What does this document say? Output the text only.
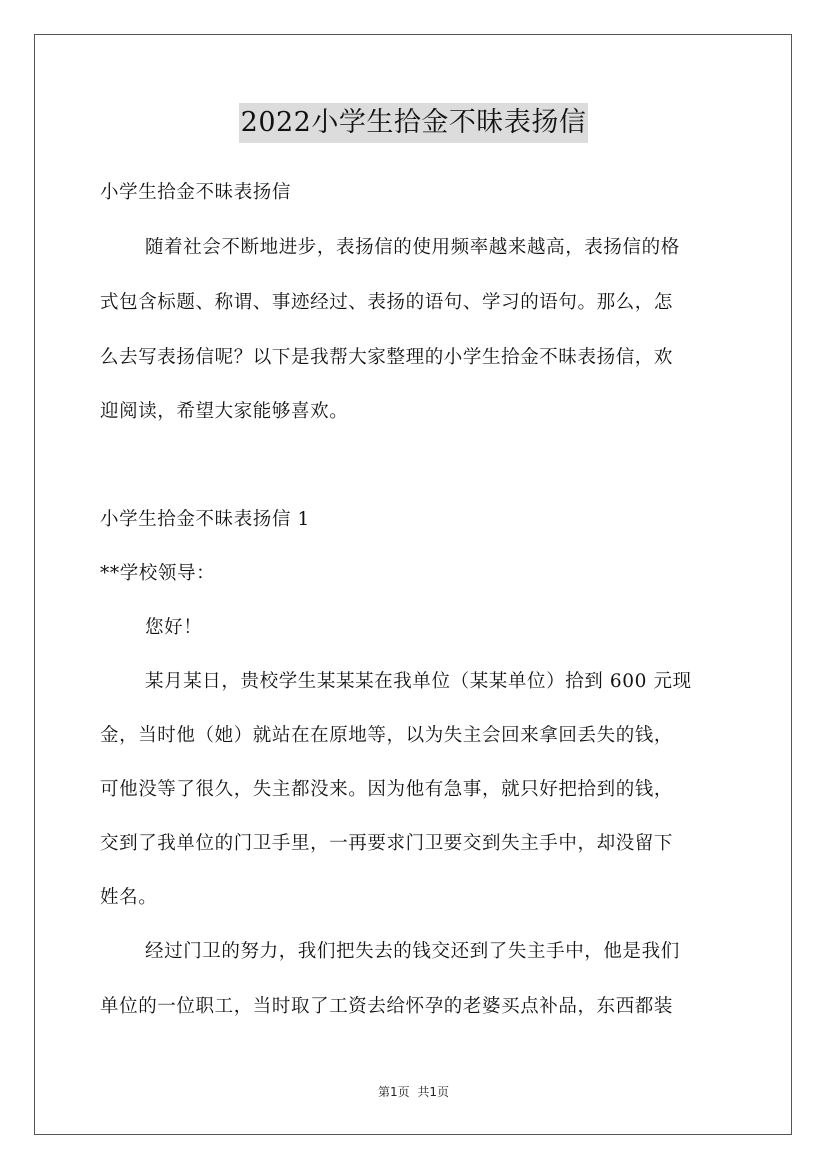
2022小学生拾金不昧表扬信
小学生拾金不昧表扬信
随着社会不断地进步，表扬信的使用频率越来越高，表扬信的格
式包含标题、称谓、事迹经过、表扬的语句、学习的语句。那么，怎
么去写表扬信呢？以下是我帮大家整理的小学生拾金不昧表扬信，欢
迎阅读，希望大家能够喜欢。
小学生拾金不昧表扬信 1
**学校领导：
您好！
某月某日，贵校学生某某某在我单位（某某单位）拾到 600 元现
金，当时他（她）就站在在原地等，以为失主会回来拿回丢失的钱，
可他没等了很久，失主都没来。因为他有急事，就只好把拾到的钱，
交到了我单位的门卫手里，一再要求门卫要交到失主手中，却没留下
姓名。
经过门卫的努力，我们把失去的钱交还到了失主手中，他是我们
单位的一位职工，当时取了工资去给怀孕的老婆买点补品，东西都装
第1页 共1页
